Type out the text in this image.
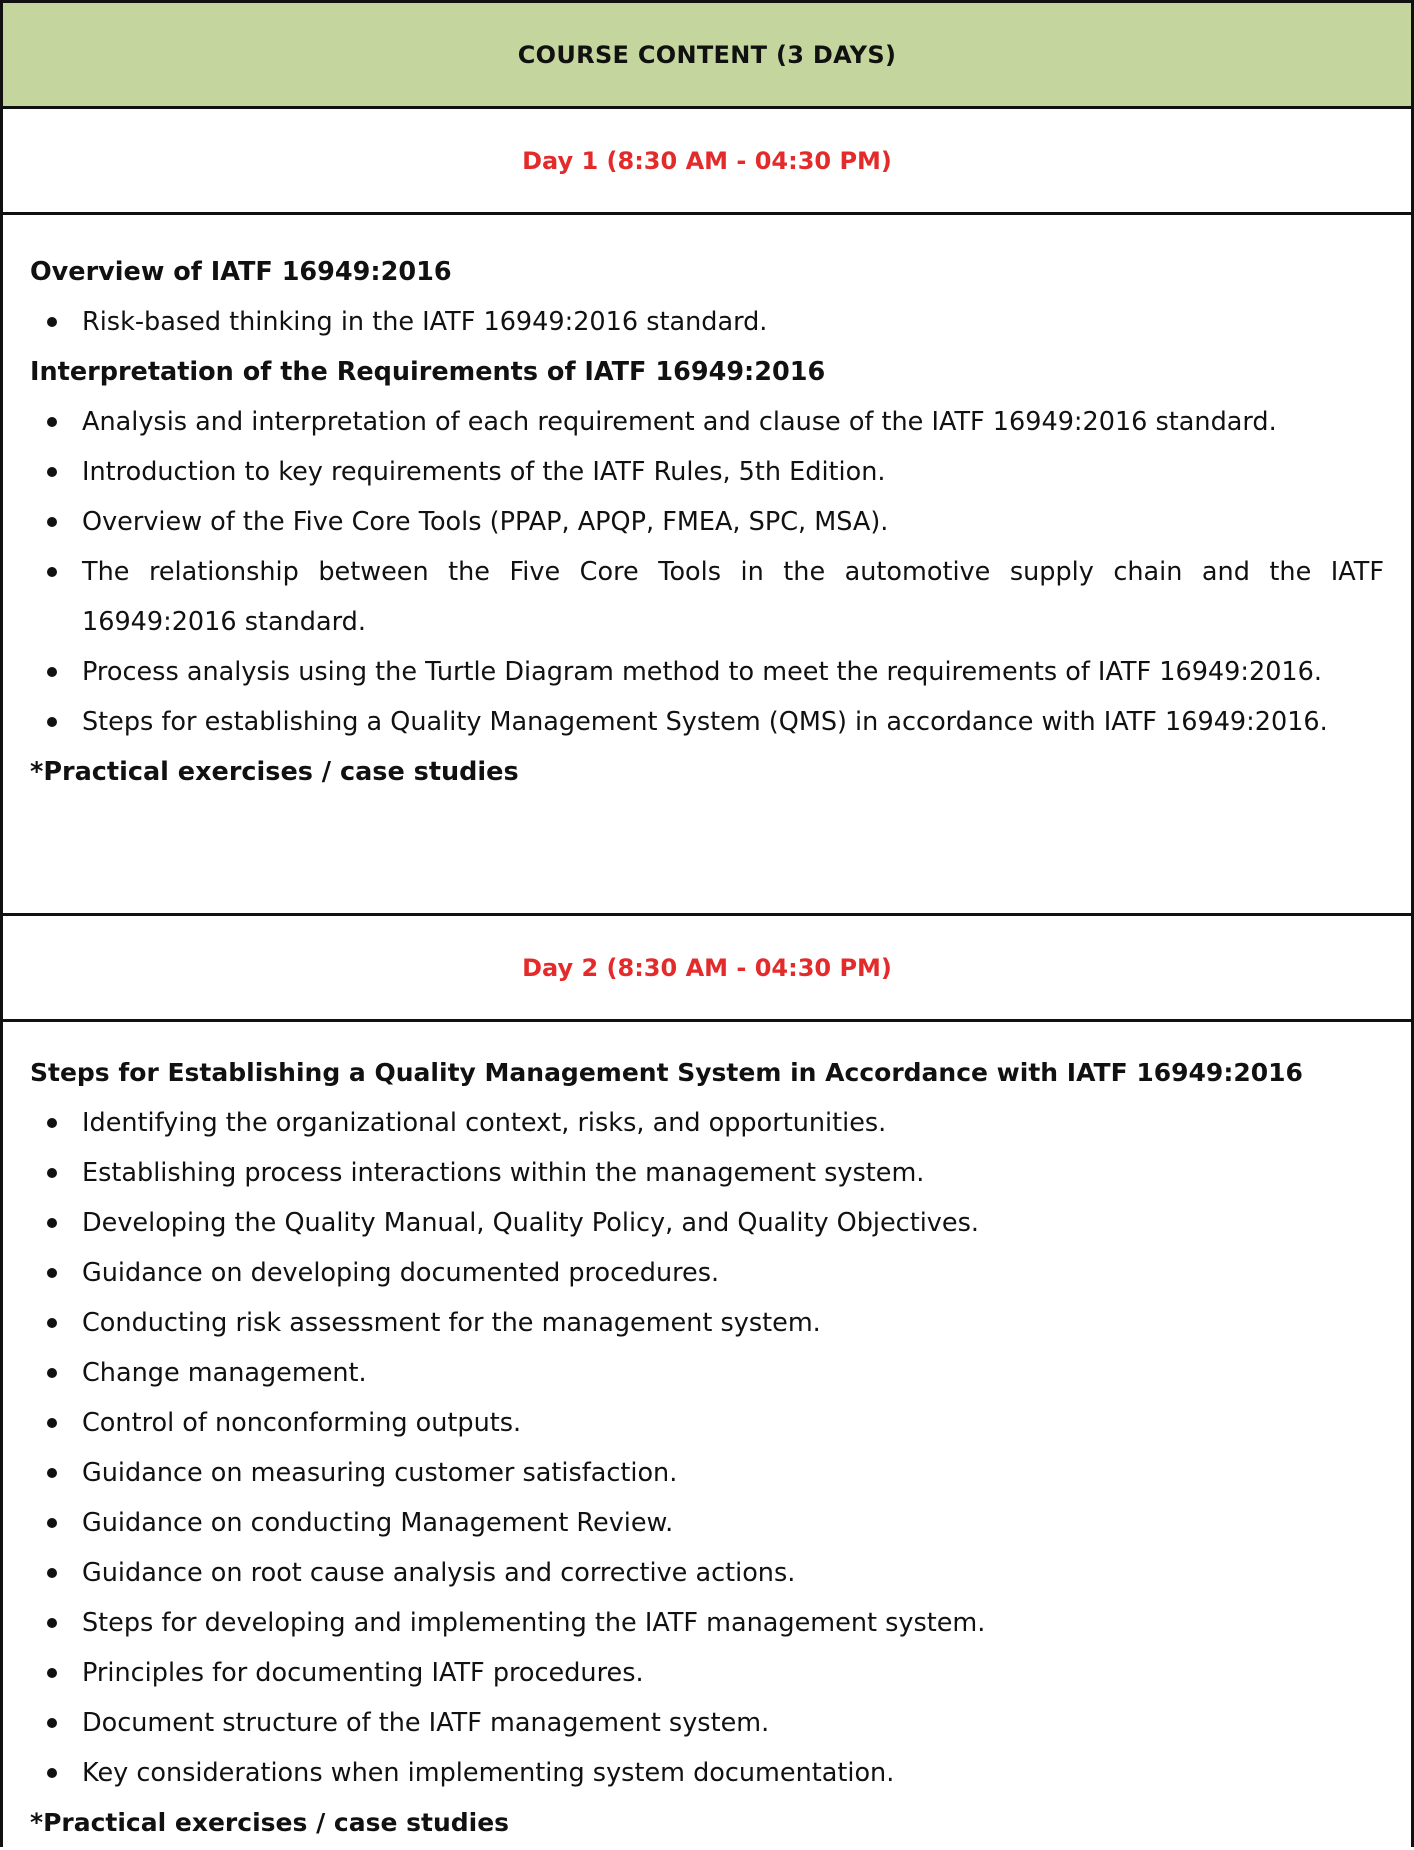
COURSE CONTENT (3 DAYS)
Day 1 (8:30 AM - 04:30 PM)
Overview of IATF 16949:2016
Risk-based thinking in the IATF 16949:2016 standard.
Interpretation of the Requirements of IATF 16949:2016
Analysis and interpretation of each requirement and clause of the IATF 16949:2016 standard.
Introduction to key requirements of the IATF Rules, 5th Edition.
Overview of the Five Core Tools (PPAP, APQP, FMEA, SPC, MSA).
The relationship between the Five Core Tools in the automotive supply chain and the IATF 16949:2016 standard.
Process analysis using the Turtle Diagram method to meet the requirements of IATF 16949:2016.
Steps for establishing a Quality Management System (QMS) in accordance with IATF 16949:2016.
*Practical exercises / case studies
Day 2 (8:30 AM - 04:30 PM)
Steps for Establishing a Quality Management System in Accordance with IATF 16949:2016
Identifying the organizational context, risks, and opportunities.
Establishing process interactions within the management system.
Developing the Quality Manual, Quality Policy, and Quality Objectives.
Guidance on developing documented procedures.
Conducting risk assessment for the management system.
Change management.
Control of nonconforming outputs.
Guidance on measuring customer satisfaction.
Guidance on conducting Management Review.
Guidance on root cause analysis and corrective actions.
Steps for developing and implementing the IATF management system.
Principles for documenting IATF procedures.
Document structure of the IATF management system.
Key considerations when implementing system documentation.
*Practical exercises / case studies
